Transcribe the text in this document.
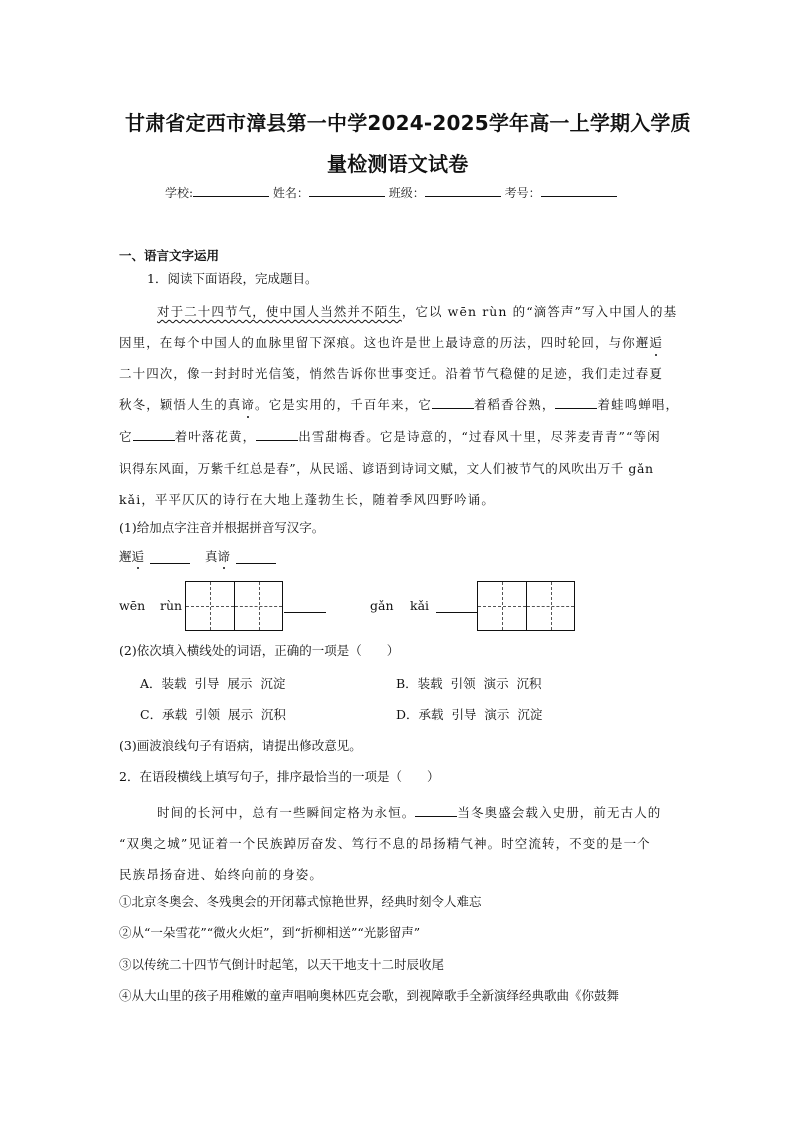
甘肃省定西市漳县第一中学2024-2025学年高一上学期入学质
量检测语文试卷
学校:	姓名：	班级：	考号：
一、语言文字运用
1．阅读下面语段，完成题目。
对于二十四节气，使中国人当然并不陌生，它以 wēn rùn 的“滴答声”写入中国人的基
因里，在每个中国人的血脉里留下深痕。这也许是世上最诗意的历法，四时轮回，与你邂逅
二十四次，像一封封时光信笺，悄然告诉你世事变迁。沿着节气稳健的足迹，我们走过春夏
秋冬，颖悟人生的真谛。它是实用的，千百年来，它	着稻香谷熟，	着蛙鸣蝉唱，
它	着叶落花黄，	出雪甜梅香。它是诗意的，“过春风十里，尽荠麦青青”“等闲
识得东风面，万紫千红总是春”，从民谣、谚语到诗词文赋，文人们被节气的风吹出万千 gǎn
kǎi，平平仄仄的诗行在大地上蓬勃生长，随着季风四野吟诵。
(1)给加点字注音并根据拼音写汉字。
邂逅	真谛
wēn rùn	gǎn kǎi
(2)依次填入横线处的词语，正确的一项是（　　）
A．装载  引导  展示  沉淀	B．装载  引领  演示  沉积
C．承载  引领  展示  沉积	D．承载  引导  演示  沉淀
(3)画波浪线句子有语病，请提出修改意见。
2．在语段横线上填写句子，排序最恰当的一项是（　　）
时间的长河中，总有一些瞬间定格为永恒。	当冬奥盛会载入史册，前无古人的
“双奥之城”见证着一个民族踔厉奋发、笃行不息的昂扬精气神。时空流转，不变的是一个
民族昂扬奋进、始终向前的身姿。
①北京冬奥会、冬残奥会的开闭幕式惊艳世界，经典时刻令人难忘
②从“一朵雪花”“微火火炬”，到“折柳相送”“光影留声”
③以传统二十四节气倒计时起笔，以天干地支十二时辰收尾
④从大山里的孩子用稚嫩的童声唱响奥林匹克会歌，到视障歌手全新演绎经典歌曲《你鼓舞
